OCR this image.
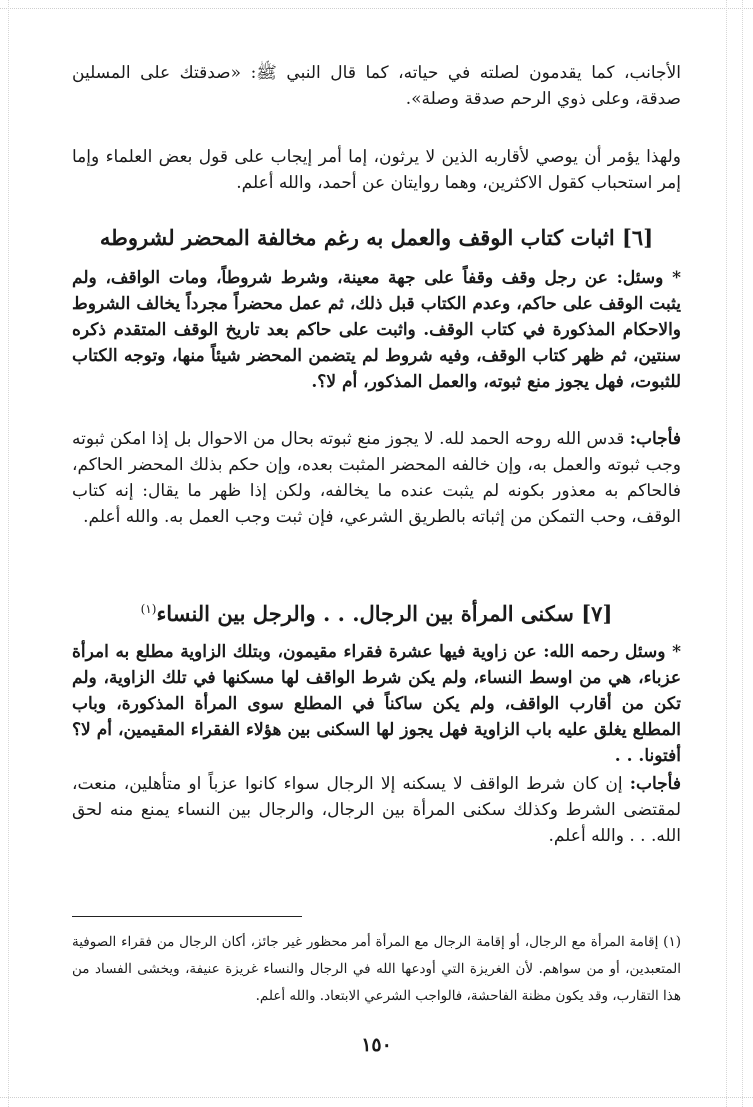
الأجانب، كما يقدمون لصلته في حياته، كما قال النبي ﷺ: «صدقتك على المسلين صدقة، وعلى ذوي الرحم صدقة وصلة».
ولهذا يؤمر أن يوصي لأقاربه الذين لا يرثون، إما أمر إيجاب على قول بعض العلماء وإما إمر استحباب كقول الاكثرين، وهما روايتان عن أحمد، والله أعلم.
[٦] اثبات كتاب الوقف والعمل به رغم مخالفة المحضر لشروطه
* وسئل: عن رجل وقف وقفاً على جهة معينة، وشرط شروطاً، ومات الواقف، ولم يثبت الوقف على حاكم، وعدم الكتاب قبل ذلك، ثم عمل محضراً مجرداً يخالف الشروط والاحكام المذكورة في كتاب الوقف. واثبت على حاكم بعد تاريخ الوقف المتقدم ذكره سنتين، ثم ظهر كتاب الوقف، وفيه شروط لم يتضمن المحضر شيئاً منها، وتوجه الكتاب للثبوت، فهل يجوز منع ثبوته، والعمل المذكور، أم لا؟.
فأجاب: قدس الله روحه الحمد لله. لا يجوز منع ثبوته بحال من الاحوال بل إذا امكن ثبوته وجب ثبوته والعمل به، وإن خالفه المحضر المثبت بعده، وإن حكم بذلك المحضر الحاكم، فالحاكم به معذور بكونه لم يثبت عنده ما يخالفه، ولكن إذا ظهر ما يقال: إنه كتاب الوقف، وحب التمكن من إثباته بالطريق الشرعي، فإن ثبت وجب العمل به. والله أعلم.
[٧] سكنى المرأة بين الرجال. . . والرجل بين النساء$^{(١)}$
* وسئل رحمه الله: عن زاوية فيها عشرة فقراء مقيمون، وبتلك الزاوية مطلع به امرأة عزباء، هي من اوسط النساء، ولم يكن شرط الواقف لها مسكنها في تلك الزاوية، ولم تكن من أقارب الواقف، ولم يكن ساكناً في المطلع سوى المرأة المذكورة، وباب المطلع يغلق عليه باب الزاوية فهل يجوز لها السكنى بين هؤلاء الفقراء المقيمين، أم لا؟ أفتونا. . .
فأجاب: إن كان شرط الواقف لا يسكنه إلا الرجال سواء كانوا عزباً او متأهلين، منعت، لمقتضى الشرط وكذلك سكنى المرأة بين الرجال، والرجال بين النساء يمنع منه لحق الله. . . والله أعلم.
(١) إقامة المرأة مع الرجال، أو إقامة الرجال مع المرأة أمر محظور غير جائز، أكان الرجال من فقراء الصوفية المتعبدين، أو من سواهم. لأن الغريزة التي أودعها الله في الرجال والنساء غريزة عنيفة، ويخشى الفساد من هذا التقارب، وقد يكون مظنة الفاحشة، فالواجب الشرعي الابتعاد. والله أعلم.
١٥٠
